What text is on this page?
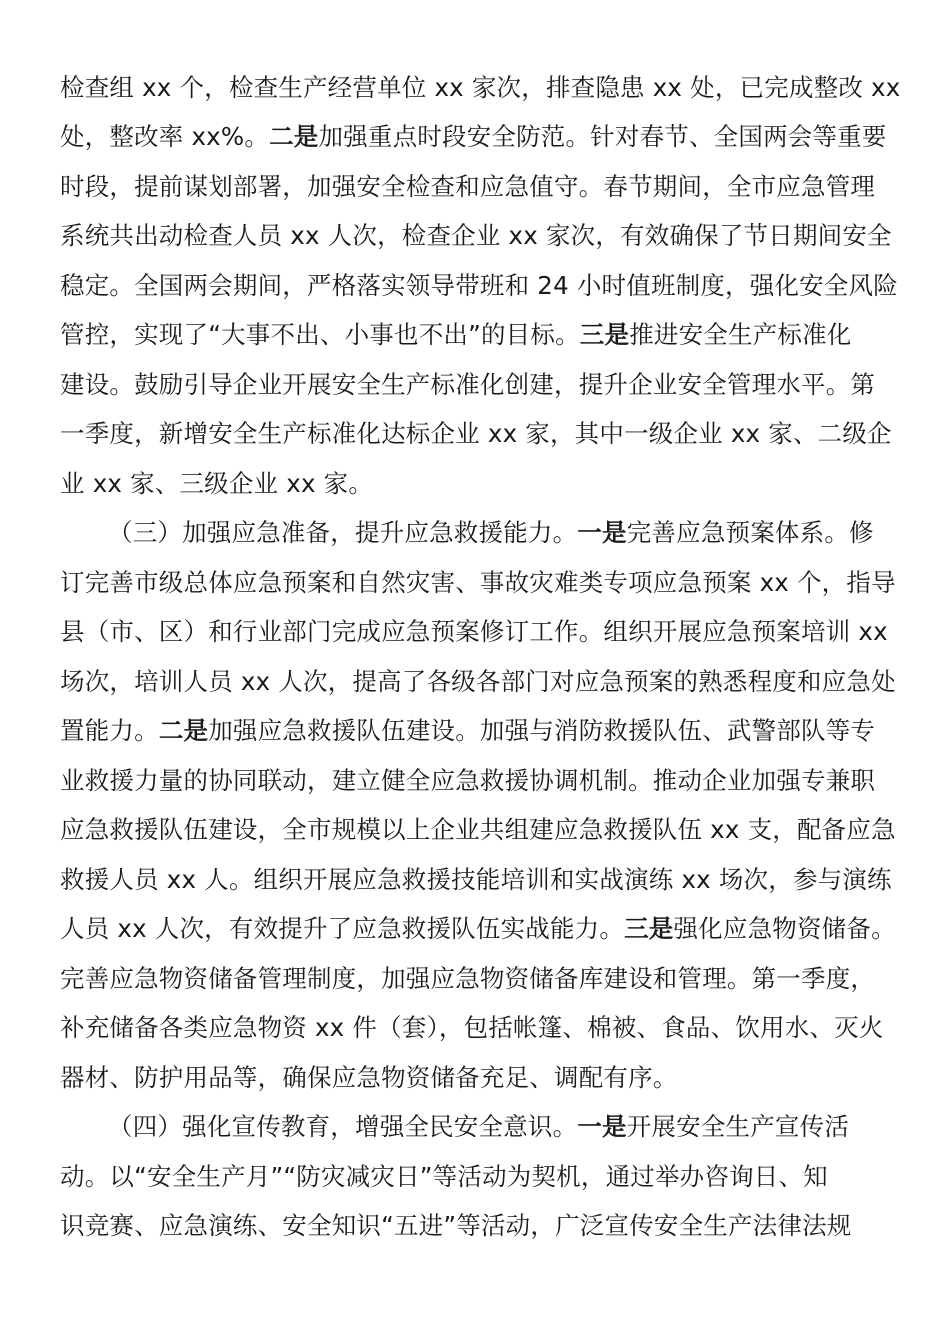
检查组 xx 个，检查生产经营单位 xx 家次，排查隐患 xx 处，已完成整改 xx
处，整改率 xx%。二是加强重点时段安全防范。针对春节、全国两会等重要
时段，提前谋划部署，加强安全检查和应急值守。春节期间，全市应急管理
系统共出动检查人员 xx 人次，检查企业 xx 家次，有效确保了节日期间安全
稳定。全国两会期间，严格落实领导带班和 24 小时值班制度，强化安全风险
管控，实现了“大事不出、小事也不出”的目标。三是推进安全生产标准化
建设。鼓励引导企业开展安全生产标准化创建，提升企业安全管理水平。第
一季度，新增安全生产标准化达标企业 xx 家，其中一级企业 xx 家、二级企
业 xx 家、三级企业 xx 家。
（三）加强应急准备，提升应急救援能力。一是完善应急预案体系。修
订完善市级总体应急预案和自然灾害、事故灾难类专项应急预案 xx 个，指导
县（市、区）和行业部门完成应急预案修订工作。组织开展应急预案培训 xx
场次，培训人员 xx 人次，提高了各级各部门对应急预案的熟悉程度和应急处
置能力。二是加强应急救援队伍建设。加强与消防救援队伍、武警部队等专
业救援力量的协同联动，建立健全应急救援协调机制。推动企业加强专兼职
应急救援队伍建设，全市规模以上企业共组建应急救援队伍 xx 支，配备应急
救援人员 xx 人。组织开展应急救援技能培训和实战演练 xx 场次，参与演练
人员 xx 人次，有效提升了应急救援队伍实战能力。三是强化应急物资储备。
完善应急物资储备管理制度，加强应急物资储备库建设和管理。第一季度，
补充储备各类应急物资 xx 件（套），包括帐篷、棉被、食品、饮用水、灭火
器材、防护用品等，确保应急物资储备充足、调配有序。
（四）强化宣传教育，增强全民安全意识。一是开展安全生产宣传活
动。以“安全生产月”“防灾减灾日”等活动为契机，通过举办咨询日、知
识竞赛、应急演练、安全知识“五进”等活动，广泛宣传安全生产法律法规
